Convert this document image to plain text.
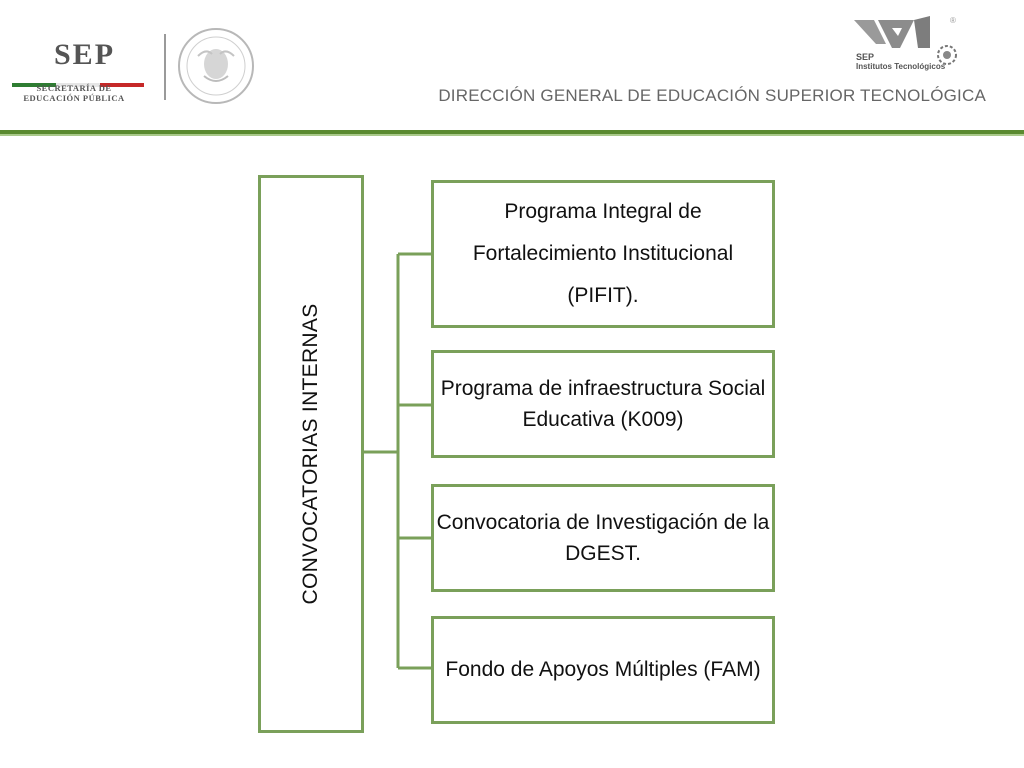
SEP
SECRETARÍA DE
EDUCACIÓN PÚBLICA
SEP
Institutos Tecnológicos
®
DIRECCIÓN GENERAL DE EDUCACIÓN SUPERIOR TECNOLÓGICA
CONVOCATORIAS INTERNAS
Programa Integral de Fortalecimiento Institucional (PIFIT).
Programa de infraestructura Social Educativa (K009)
Convocatoria de Investigación de la DGEST.
Fondo de Apoyos Múltiples (FAM)
